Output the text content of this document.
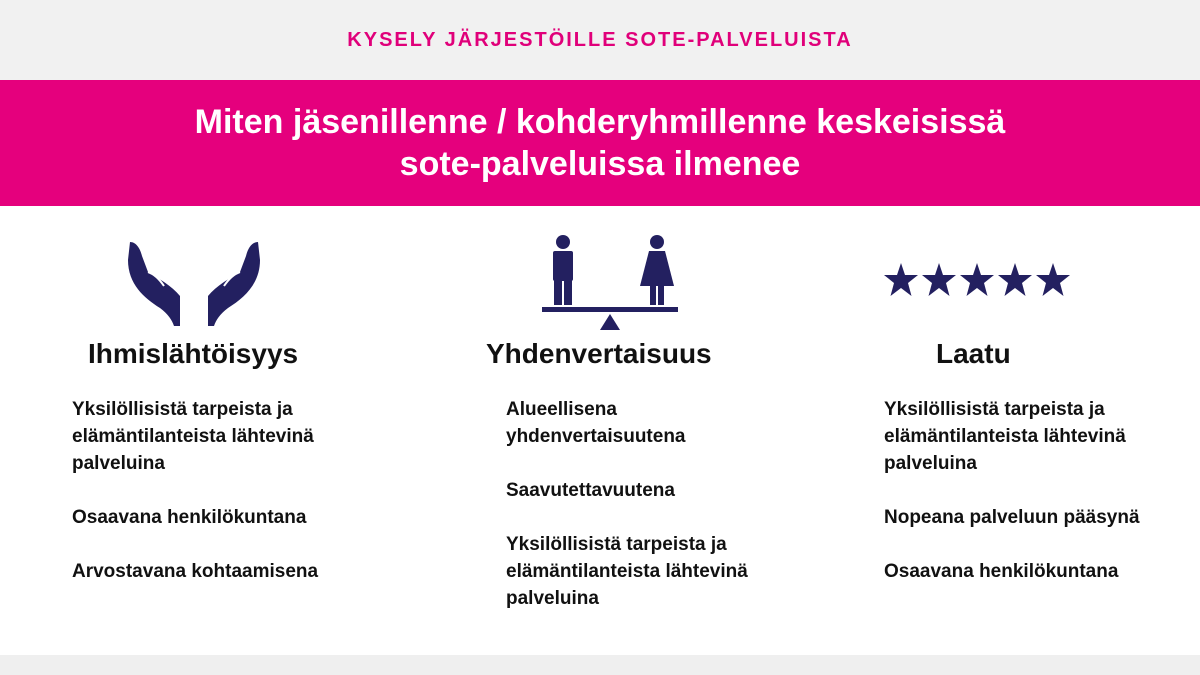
KYSELY JÄRJESTÖILLE SOTE-PALVELUISTA
Miten jäsenillenne / kohderyhmillenne keskeisissä
sote-palveluissa ilmenee
Ihmislähtöisyys
Yksilöllisistä tarpeista ja elämäntilanteista lähtevinä palveluina
Osaavana henkilökuntana
Arvostavana kohtaamisena
Yhdenvertaisuus
Alueellisena yhdenvertaisuutena
Saavutettavuutena
Yksilöllisistä tarpeista ja elämäntilanteista lähtevinä palveluina
Laatu
Yksilöllisistä tarpeista ja elämäntilanteista lähtevinä palveluina
Nopeana palveluun pääsynä
Osaavana henkilökuntana
